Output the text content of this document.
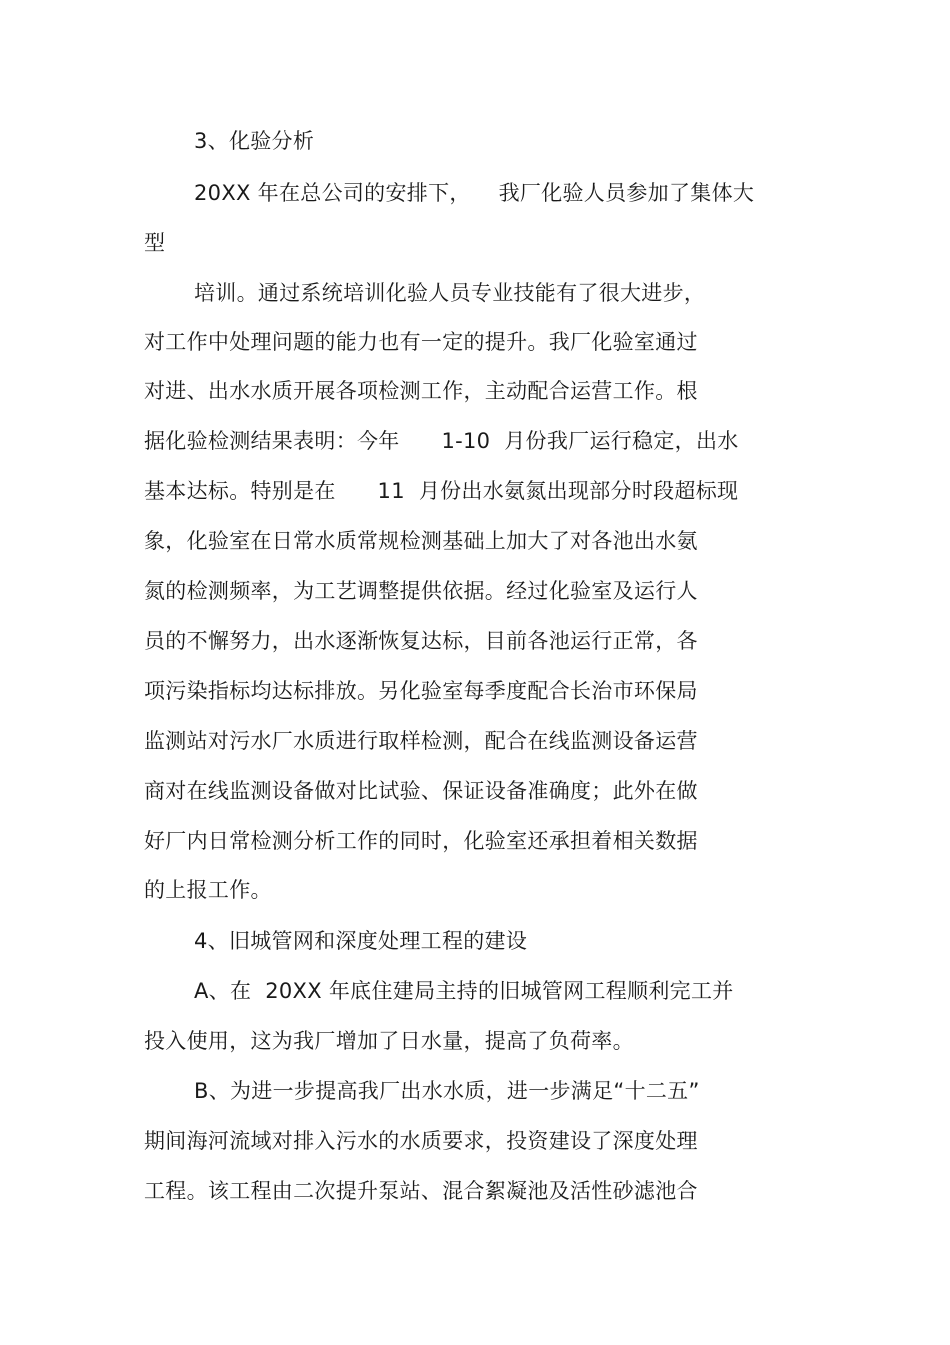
3、化验分析
20XX 年在总公司的安排下，    我厂化验人员参加了集体大
型
培训。通过系统培训化验人员专业技能有了很大进步，
对工作中处理问题的能力也有一定的提升。我厂化验室通过
对进、出水水质开展各项检测工作，主动配合运营工作。根
据化验检测结果表明：今年      1-10  月份我厂运行稳定，出水
基本达标。特别是在      11  月份出水氨氮出现部分时段超标现
象，化验室在日常水质常规检测基础上加大了对各池出水氨
氮的检测频率，为工艺调整提供依据。经过化验室及运行人
员的不懈努力，出水逐渐恢复达标，目前各池运行正常，各
项污染指标均达标排放。另化验室每季度配合长治市环保局
监测站对污水厂水质进行取样检测，配合在线监测设备运营
商对在线监测设备做对比试验、保证设备准确度；此外在做
好厂内日常检测分析工作的同时，化验室还承担着相关数据
的上报工作。
4、旧城管网和深度处理工程的建设
A、在  20XX 年底住建局主持的旧城管网工程顺利完工并
投入使用，这为我厂增加了日水量，提高了负荷率。
B、为进一步提高我厂出水水质，进一步满足“十二五”
期间海河流域对排入污水的水质要求，投资建设了深度处理
工程。该工程由二次提升泵站、混合絮凝池及活性砂滤池合
